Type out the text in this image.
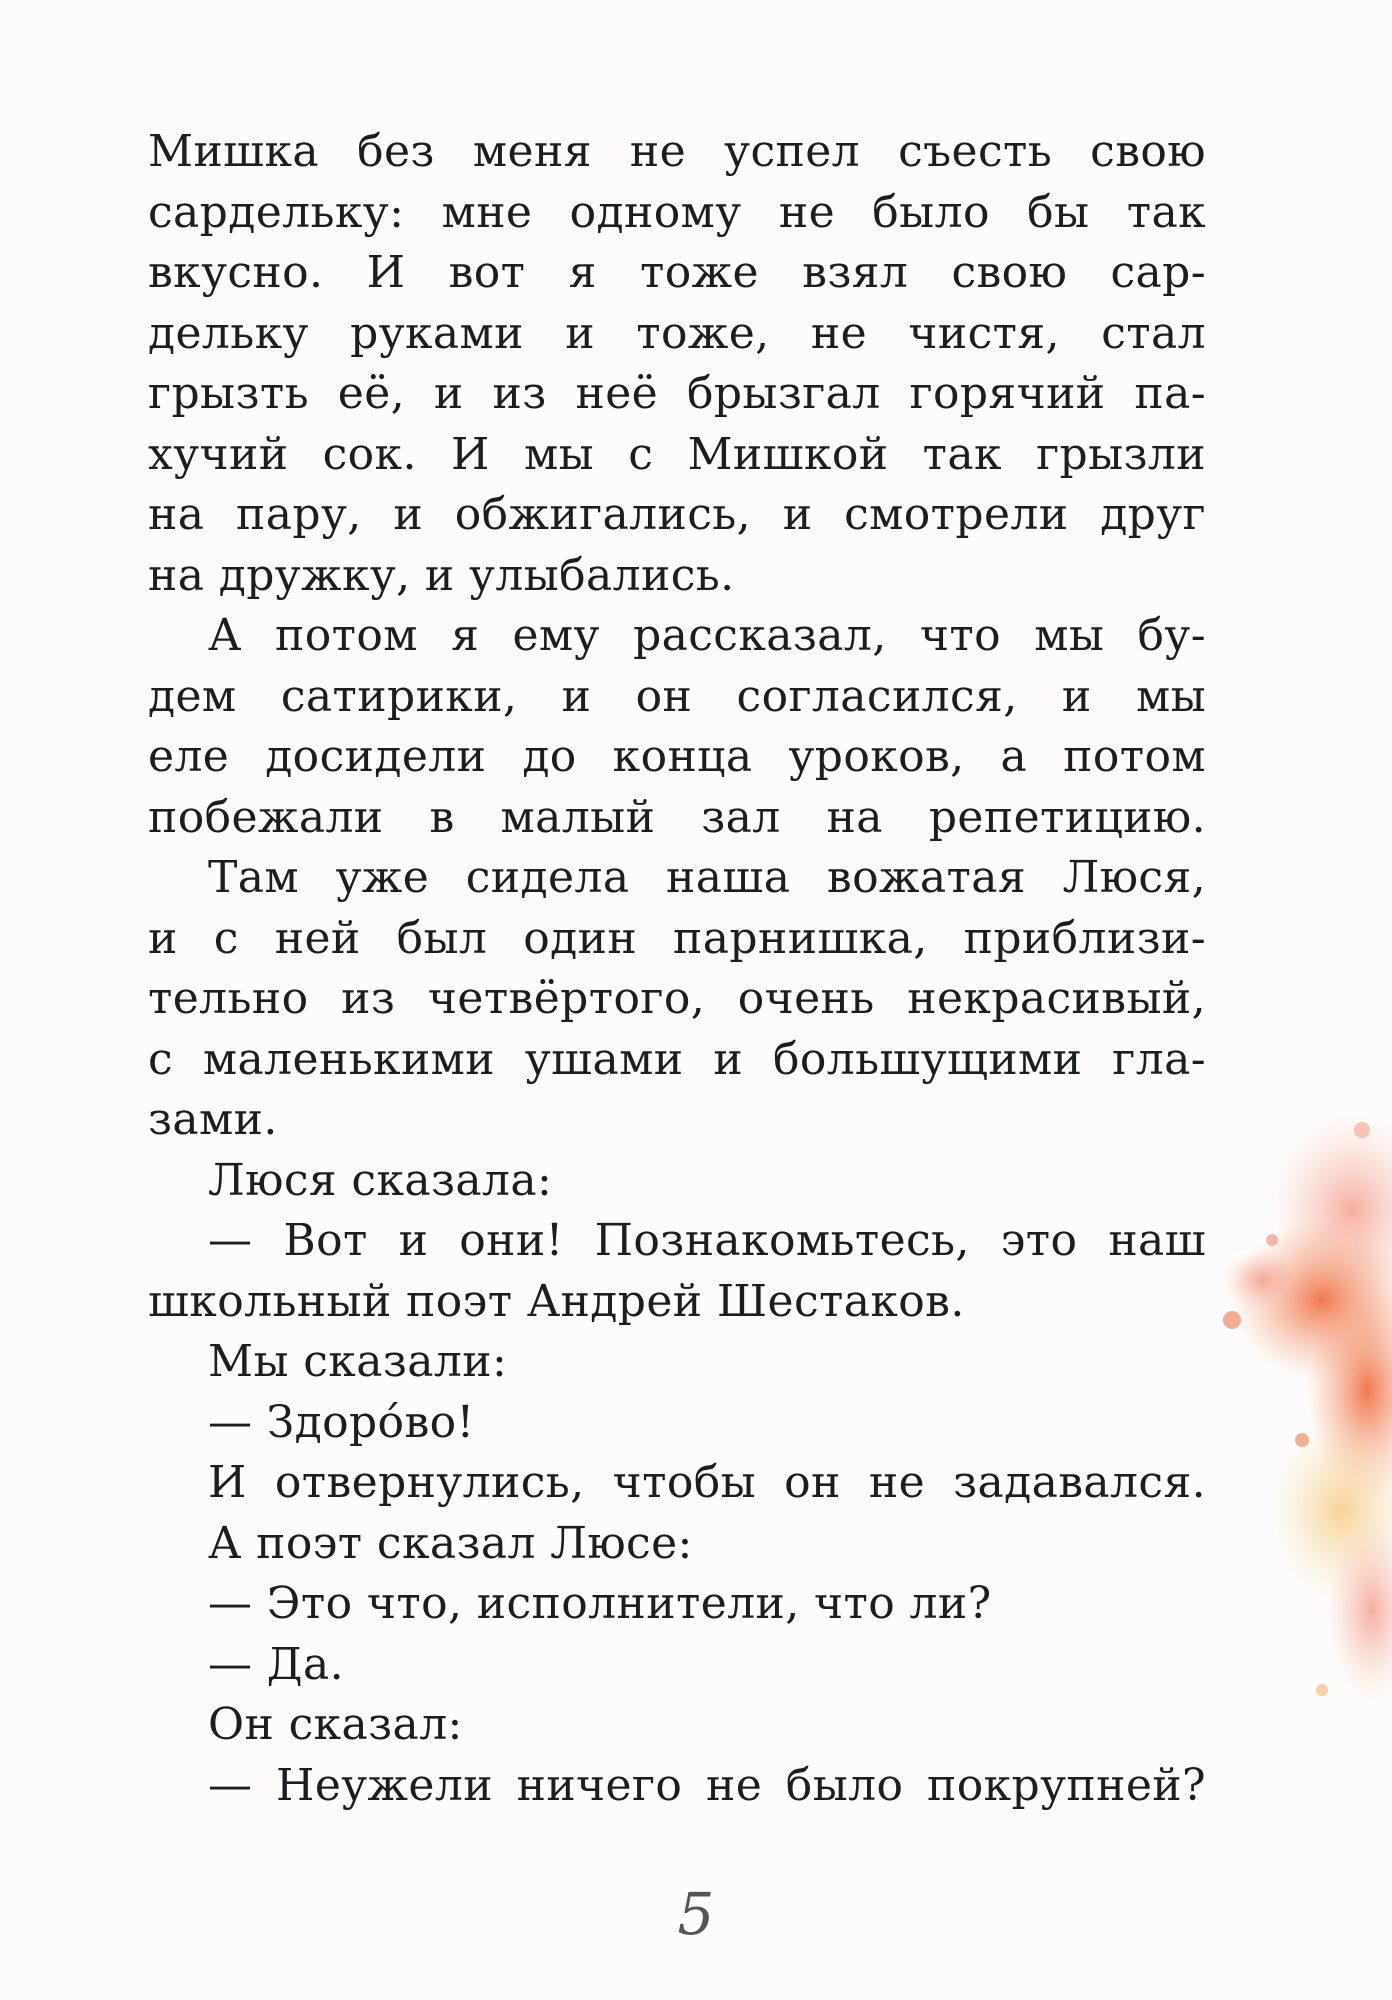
Мишка без меня не успел съесть свою
сардельку: мне одному не было бы так
вкусно. И вот я тоже взял свою сар-
дельку руками и тоже, не чистя, стал
грызть её, и из неё брызгал горячий па-
хучий сок. И мы с Мишкой так грызли
на пару, и обжигались, и смотрели друг
на дружку, и улыбались.
А потом я ему рассказал, что мы бу-
дем сатирики, и он согласился, и мы
еле досидели до конца уроков, а потом
побежали в малый зал на репетицию.
Там уже сидела наша вожатая Люся,
и с ней был один парнишка, приблизи-
тельно из четвёртого, очень некрасивый,
с маленькими ушами и большущими гла-
зами.
Люся сказала:
— Вот и они! Познакомьтесь, это наш
школьный поэт Андрей Шестаков.
Мы сказали:
— Здоро́во!
И отвернулись, чтобы он не задавался.
А поэт сказал Люсе:
— Это что, исполнители, что ли?
— Да.
Он сказал:
— Неужели ничего не было покрупней?
5
